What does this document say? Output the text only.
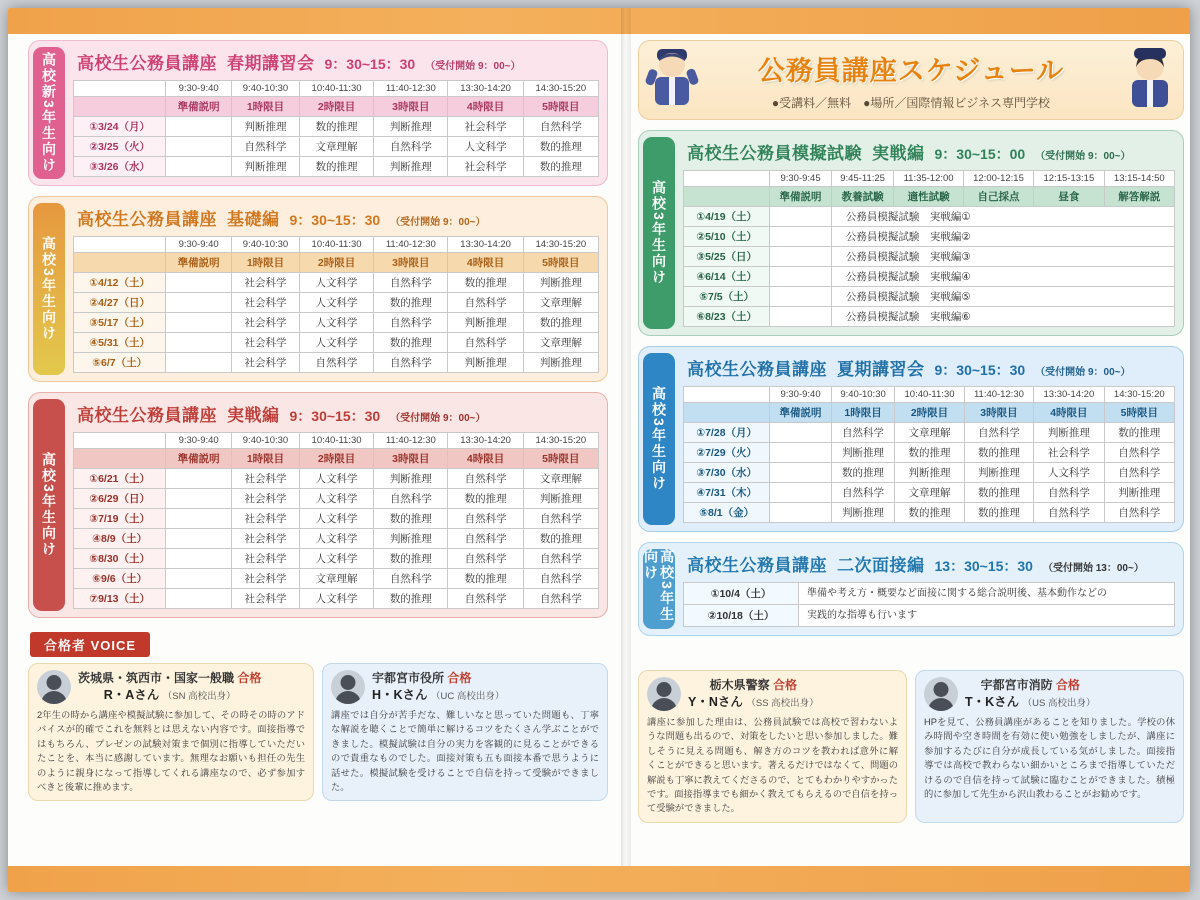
高校新3年生向け 高校生公務員講座 春期講習会 9：30~15：30 （受付開始 9：00~）
	9:30-9:40	9:40-10:30	10:40-11:30	11:40-12:30	13:30-14:20	14:30-15:20
	準備説明	1時限目	2時限目	3時限目	4時限目	5時限目
①3/24（月）		判断推理	数的推理	判断推理	社会科学	自然科学
②3/25（火）		自然科学	文章理解	自然科学	人文科学	数的推理
③3/26（水）		判断推理	数的推理	判断推理	社会科学	数的推理
高校3年生向け
高校生公務員講座 基礎編 9：30~15：30 （受付開始 9：00~）
	9:30-9:40	9:40-10:30	10:40-11:30	11:40-12:30	13:30-14:20	14:30-15:20
	準備説明	1時限目	2時限目	3時限目	4時限目	5時限目
①4/12（土）		社会科学	人文科学	自然科学	数的推理	判断推理
②4/27（日）		社会科学	人文科学	数的推理	自然科学	文章理解
③5/17（土）		社会科学	人文科学	自然科学	判断推理	数的推理
④5/31（土）		社会科学	人文科学	数的推理	自然科学	文章理解
⑤6/7（土）		社会科学	自然科学	自然科学	判断推理	判断推理
高校3年生向け
高校生公務員講座 実戦編 9：30~15：30 （受付開始 9：00~）
	9:30-9:40	9:40-10:30	10:40-11:30	11:40-12:30	13:30-14:20	14:30-15:20
	準備説明	1時限目	2時限目	3時限目	4時限目	5時限目
①6/21（土）		社会科学	人文科学	判断推理	自然科学	文章理解
②6/29（日）		社会科学	人文科学	自然科学	数的推理	判断推理
③7/19（土）		社会科学	人文科学	数的推理	自然科学	自然科学
④8/9（土）		社会科学	人文科学	判断推理	自然科学	数的推理
⑤8/30（土）		社会科学	人文科学	数的推理	自然科学	自然科学
⑥9/6（土）		社会科学	文章理解	自然科学	数的推理	自然科学
⑦9/13（土）		社会科学	人文科学	数的推理	自然科学	自然科学
合格者 VOICE
茨城県・筑西市・国家一般職 合格
R・Aさん （SN 高校出身）
2年生の時から講座や模擬試験に参加して、その時その時のアドバイスが的確でこれを無料とは思えない内容です。面接指導ではもちろん、プレゼンの試験対策まで個別に指導していただいたことを、本当に感謝しています。無理なお願いも担任の先生のように親身になって指導してくれる講座なので、必ず参加すべきと後輩に推めます。
宇都宮市役所 合格
H・Kさん （UC 高校出身）
講座では自分が苦手だな、難しいなと思っていた問題も、丁寧な解説を聴くことで簡単に解けるコツをたくさん学ぶことができました。模擬試験は自分の実力を客観的に見ることができるので貴重なものでした。面接対策も五も面接本番で思うように話せた。模擬試験を受けることで自信を持って受験ができました。
公務員講座スケジュール
●受講料／無料　●場所／国際情報ビジネス専門学校
高校3年生向け
高校生公務員模擬試験 実戦編 9：30~15：00 （受付開始 9：00~）
	9:30-9:45	9:45-11:25	11:35-12:00	12:00-12:15	12:15-13:15	13:15-14:50
	準備説明	教養試験	適性試験	自己採点	昼食	解答解説
①4/19（土）		公務員模擬試験　実戦編①				
②5/10（土）		公務員模擬試験　実戦編②				
③5/25（日）		公務員模擬試験　実戦編③				
④6/14（土）		公務員模擬試験　実戦編④				
⑤7/5（土）		公務員模擬試験　実戦編⑤				
⑥8/23（土）		公務員模擬試験　実戦編⑥				
高校3年生向け
高校生公務員講座 夏期講習会 9：30~15：30 （受付開始 9：00~）
	9:30-9:40	9:40-10:30	10:40-11:30	11:40-12:30	13:30-14:20	14:30-15:20
	準備説明	1時限目	2時限目	3時限目	4時限目	5時限目
①7/28（月）		自然科学	文章理解	自然科学	判断推理	数的推理
②7/29（火）		判断推理	数的推理	数的推理	社会科学	自然科学
③7/30（水）		数的推理	判断推理	判断推理	人文科学	自然科学
④7/31（木）		自然科学	文章理解	数的推理	自然科学	判断推理
⑤8/1（金）		判断推理	数的推理	数的推理	自然科学	自然科学
高校3年生向け	高校生公務員講座 二次面接編 13：30~15：30 （受付開始 13：00~）
①10/4（土）	準備や考え方・概要など面接に関する総合説明後、基本動作などの
②10/18（土）	実践的な指導も行います
栃木県警察 合格
Y・Nさん （SS 高校出身）
講座に参加した理由は、公務員試験では高校で習わないような問題も出るので、対策をしたいと思い参加しました。難しそうに見える問題も、解き方のコツを教われば意外に解くことができると思います。著えるだけではなくて、問題の解説も丁寧に教えてくださるので、とてもわかりやすかったです。面接指導までも細かく教えてもらえるので自信を持って受験ができました。
宇都宮市消防 合格
T・Kさん （US 高校出身）
HPを見て、公務員講座があることを知りました。学校の休み時間や空き時間を有効に使い勉強をしましたが、講座に参加するたびに自分が成長している気がしました。面接指導では高校で教わらない細かいところまで指導していただけるので自信を持って試験に臨むことができました。積極的に参加して先生から沢山教わることがお勧めです。
